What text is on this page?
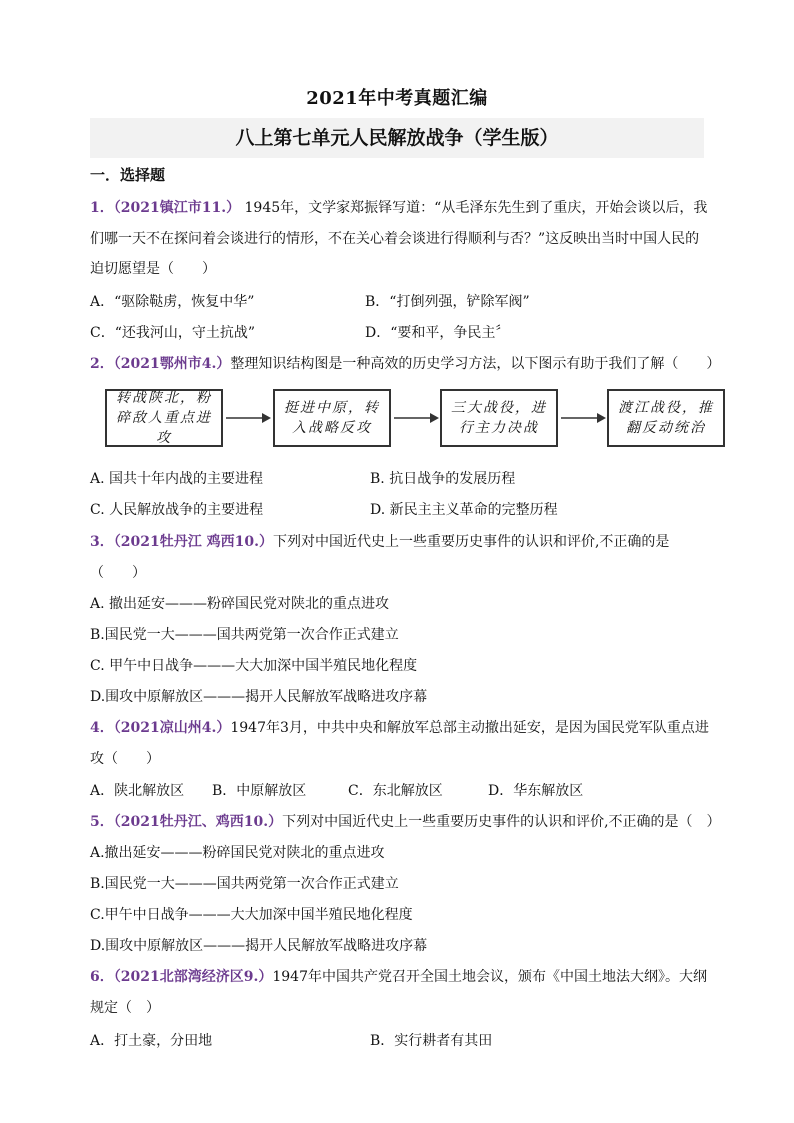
2021年中考真题汇编
八上第七单元人民解放战争（学生版）
一．选择题
1．（2021镇江市11.） 1945年，文学家郑振铎写道：“从毛泽东先生到了重庆，开始会谈以后，我
们哪一天不在探问着会谈进行的情形，不在关心着会谈进行得顺利与否？”这反映出当时中国人民的
迫切愿望是（　　）
A．“驱除鞑虏，恢复中华”	B．“打倒列强，铲除军阀”
C．“还我河山，守土抗战”	D．“要和平，争民主〞
2．（2021鄂州市4.）整理知识结构图是一种高效的历史学习方法，以下图示有助于我们了解（　　）
转战陕北，粉碎敌人重点进攻
挺进中原，转入战略反攻
三大战役，进行主力决战
渡江战役，推翻反动统治
A. 国共十年内战的主要进程	B. 抗日战争的发展历程
C. 人民解放战争的主要进程	D. 新民主主义革命的完整历程
3．（2021牡丹江 鸡西10.）下列对中国近代史上一些重要历史事件的认识和评价,不正确的是
（　　）
A. 撤出延安———粉碎国民党对陕北的重点进攻
B.国民党一大———国共两党第一次合作正式建立
C. 甲午中日战争———大大加深中国半殖民地化程度
D.围攻中原解放区———揭开人民解放军战略进攻序幕
4．（2021凉山州4.）1947年3月，中共中央和解放军总部主动撤出延安，是因为国民党军队重点进
攻（　　）
A．陕北解放区 B．中原解放区	C．东北解放区	D．华东解放区
5．（2021牡丹江、鸡西10.）下列对中国近代史上一些重要历史事件的认识和评价,不正确的是（　）
A.撤出延安———粉碎国民党对陕北的重点进攻
B.国民党一大———国共两党第一次合作正式建立
C.甲午中日战争———大大加深中国半殖民地化程度
D.围攻中原解放区———揭开人民解放军战略进攻序幕
6．（2021北部湾经济区9.）1947年中国共产党召开全国土地会议，颁布《中国土地法大纲》。大纲
规定（　）
A．打土豪，分田地	B．实行耕者有其田
